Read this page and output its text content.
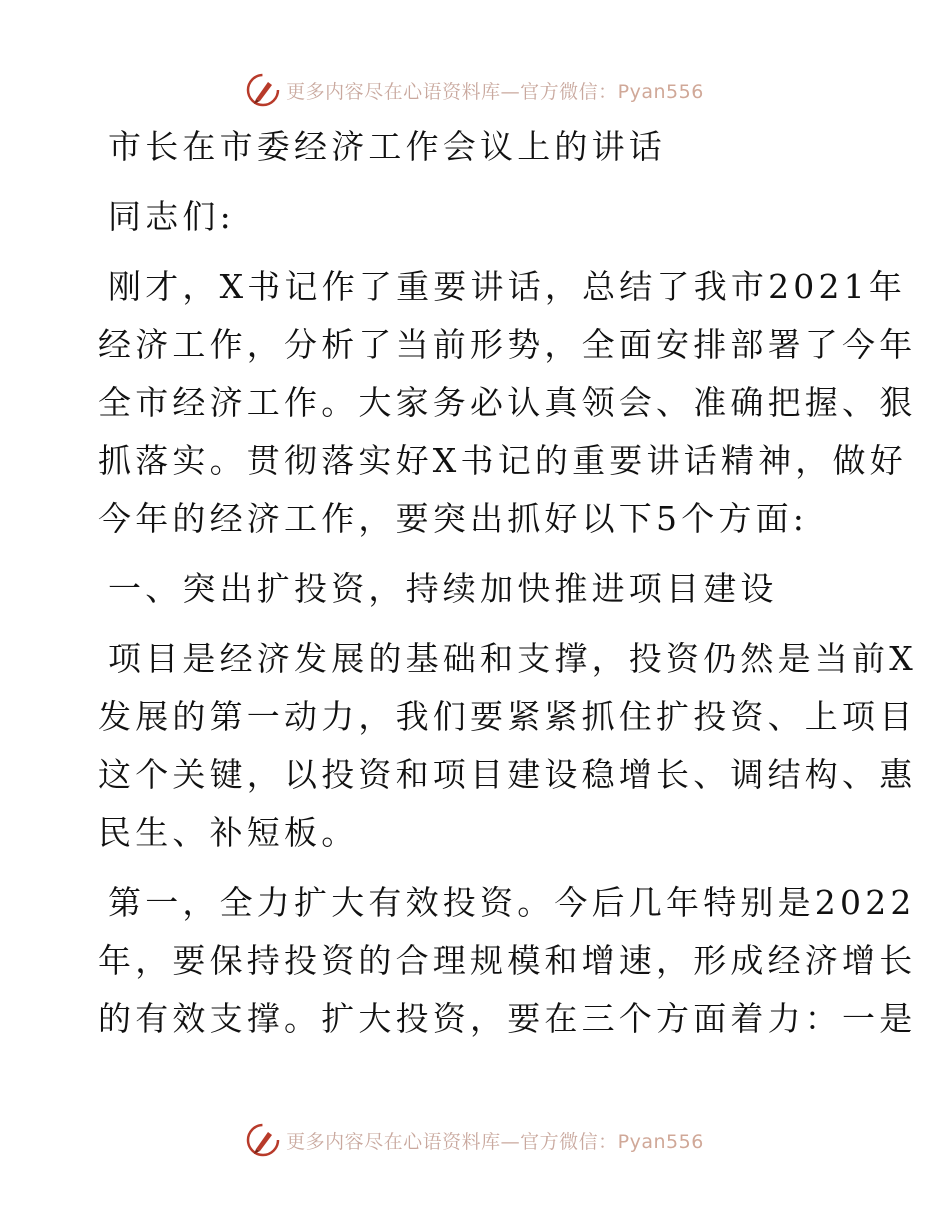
更多内容尽在心语资料库—官方微信：Pyan556
市长在市委经济工作会议上的讲话
同志们:
刚才，X书记作了重要讲话，总结了我市2021年
经济工作，分析了当前形势，全面安排部署了今年
全市经济工作。大家务必认真领会、准确把握、狠
抓落实。贯彻落实好X书记的重要讲话精神，做好
今年的经济工作，要突出抓好以下5个方面:
一、突出扩投资，持续加快推进项目建设
项目是经济发展的基础和支撑，投资仍然是当前X
发展的第一动力，我们要紧紧抓住扩投资、上项目
这个关键，以投资和项目建设稳增长、调结构、惠
民生、补短板。
第一，全力扩大有效投资。今后几年特别是2022
年，要保持投资的合理规模和增速，形成经济增长
的有效支撑。扩大投资，要在三个方面着力：一是
更多内容尽在心语资料库—官方微信：Pyan556
